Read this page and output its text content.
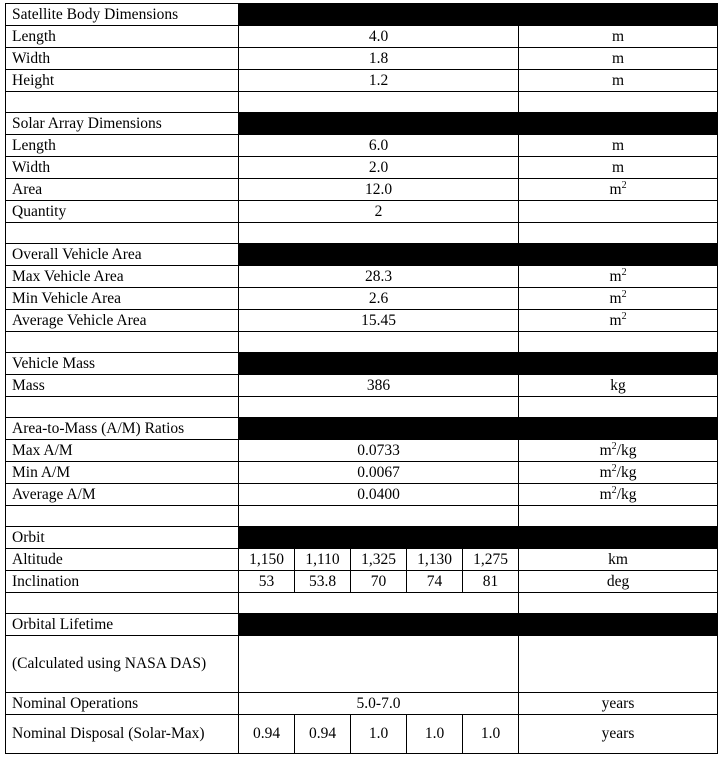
Satellite Body Dimensions						
Length	4.0					m
Width	1.8					m
Height	1.2					m

Solar Array Dimensions						
Length	6.0					m
Width	2.0					m
Area	12.0					$m^2$
Quantity	2					

Overall Vehicle Area						
Max Vehicle Area	28.3					$m^2$
Min Vehicle Area	2.6					$m^2$
Average Vehicle Area	15.45					$m^2$

Vehicle Mass						
Mass	386					kg

Area-to-Mass (A/M) Ratios						
Max A/M	0.0733					$m^2/kg$
Min A/M	0.0067					$m^2/kg$
Average A/M	0.0400					$m^2/kg$

Orbit						
Altitude	1,150	1,110	1,325	1,130	1,275	km
Inclination	53	53.8	70	74	81	deg

Orbital Lifetime						
(Calculated using NASA DAS)						
Nominal Operations	5.0-7.0					years
Nominal Disposal (Solar-Max)	0.94	0.94	1.0	1.0	1.0	years
